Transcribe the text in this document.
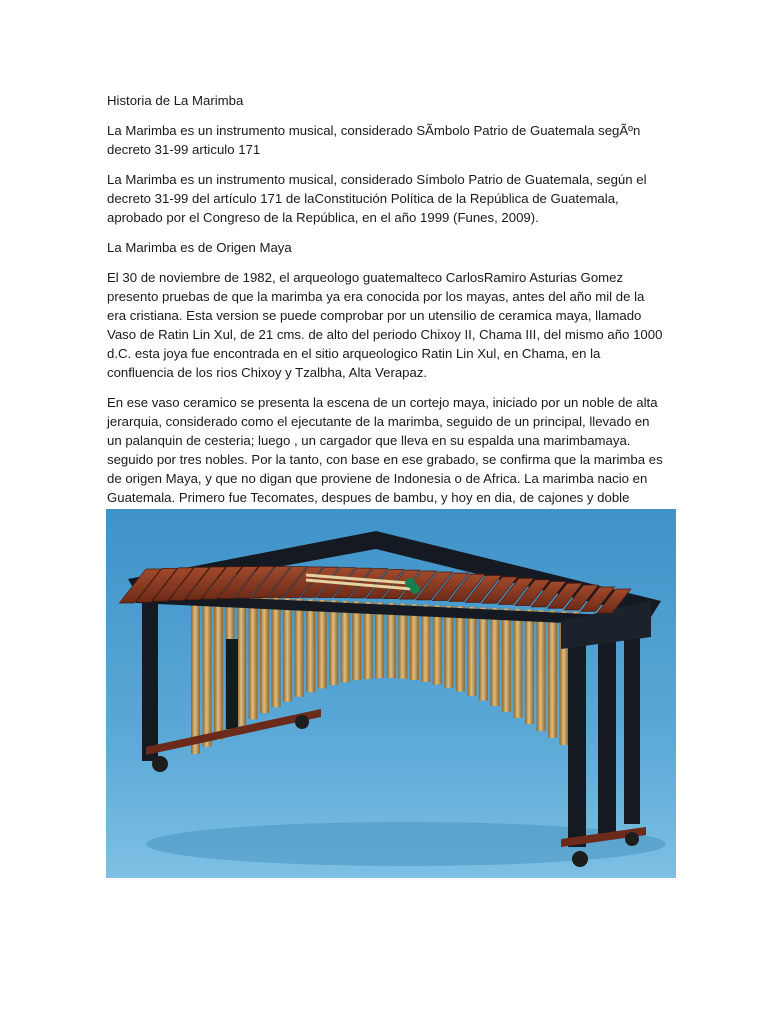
Historia de La Marimba

La Marimba es un instrumento musical, considerado SÃmbolo Patrio de Guatemala segÃºn decreto 31-99 articulo 171

La Marimba es un instrumento musical, considerado Símbolo Patrio de Guatemala, según el decreto 31-99 del artículo 171 de laConstitución Política de la República de Guatemala, aprobado por el Congreso de la República, en el año 1999 (Funes, 2009).

La Marimba es de Origen Maya

El 30 de noviembre de 1982, el arqueologo guatemalteco CarlosRamiro Asturias Gomez presento pruebas de que la marimba ya era conocida por los mayas, antes del año mil de la era cristiana. Esta version se puede comprobar por un utensilio de ceramica maya, llamado Vaso de Ratin Lin Xul, de 21 cms. de alto del periodo Chixoy II, Chama III, del mismo año 1000 d.C. esta joya fue encontrada en el sitio arqueologico Ratin Lin Xul, en Chama, en la confluencia de los rios Chixoy y Tzalbha, Alta Verapaz.

En ese vaso ceramico se presenta la escena de un cortejo maya, iniciado por un noble de alta jerarquia, considerado como el ejecutante de la marimba, seguido de un principal, llevado en un palanquin de cesteria; luego , un cargador que lleva en su espalda una marimbamaya. seguido por tres nobles. Por la tanto, con base en ese grabado, se confirma que la marimba es de origen Maya, y que no digan que proviene de Indonesia o de Africa. La marimba nacio en Guatemala. Primero fue Tecomates, despues de bambu, y hoy en dia, de cajones y doble
